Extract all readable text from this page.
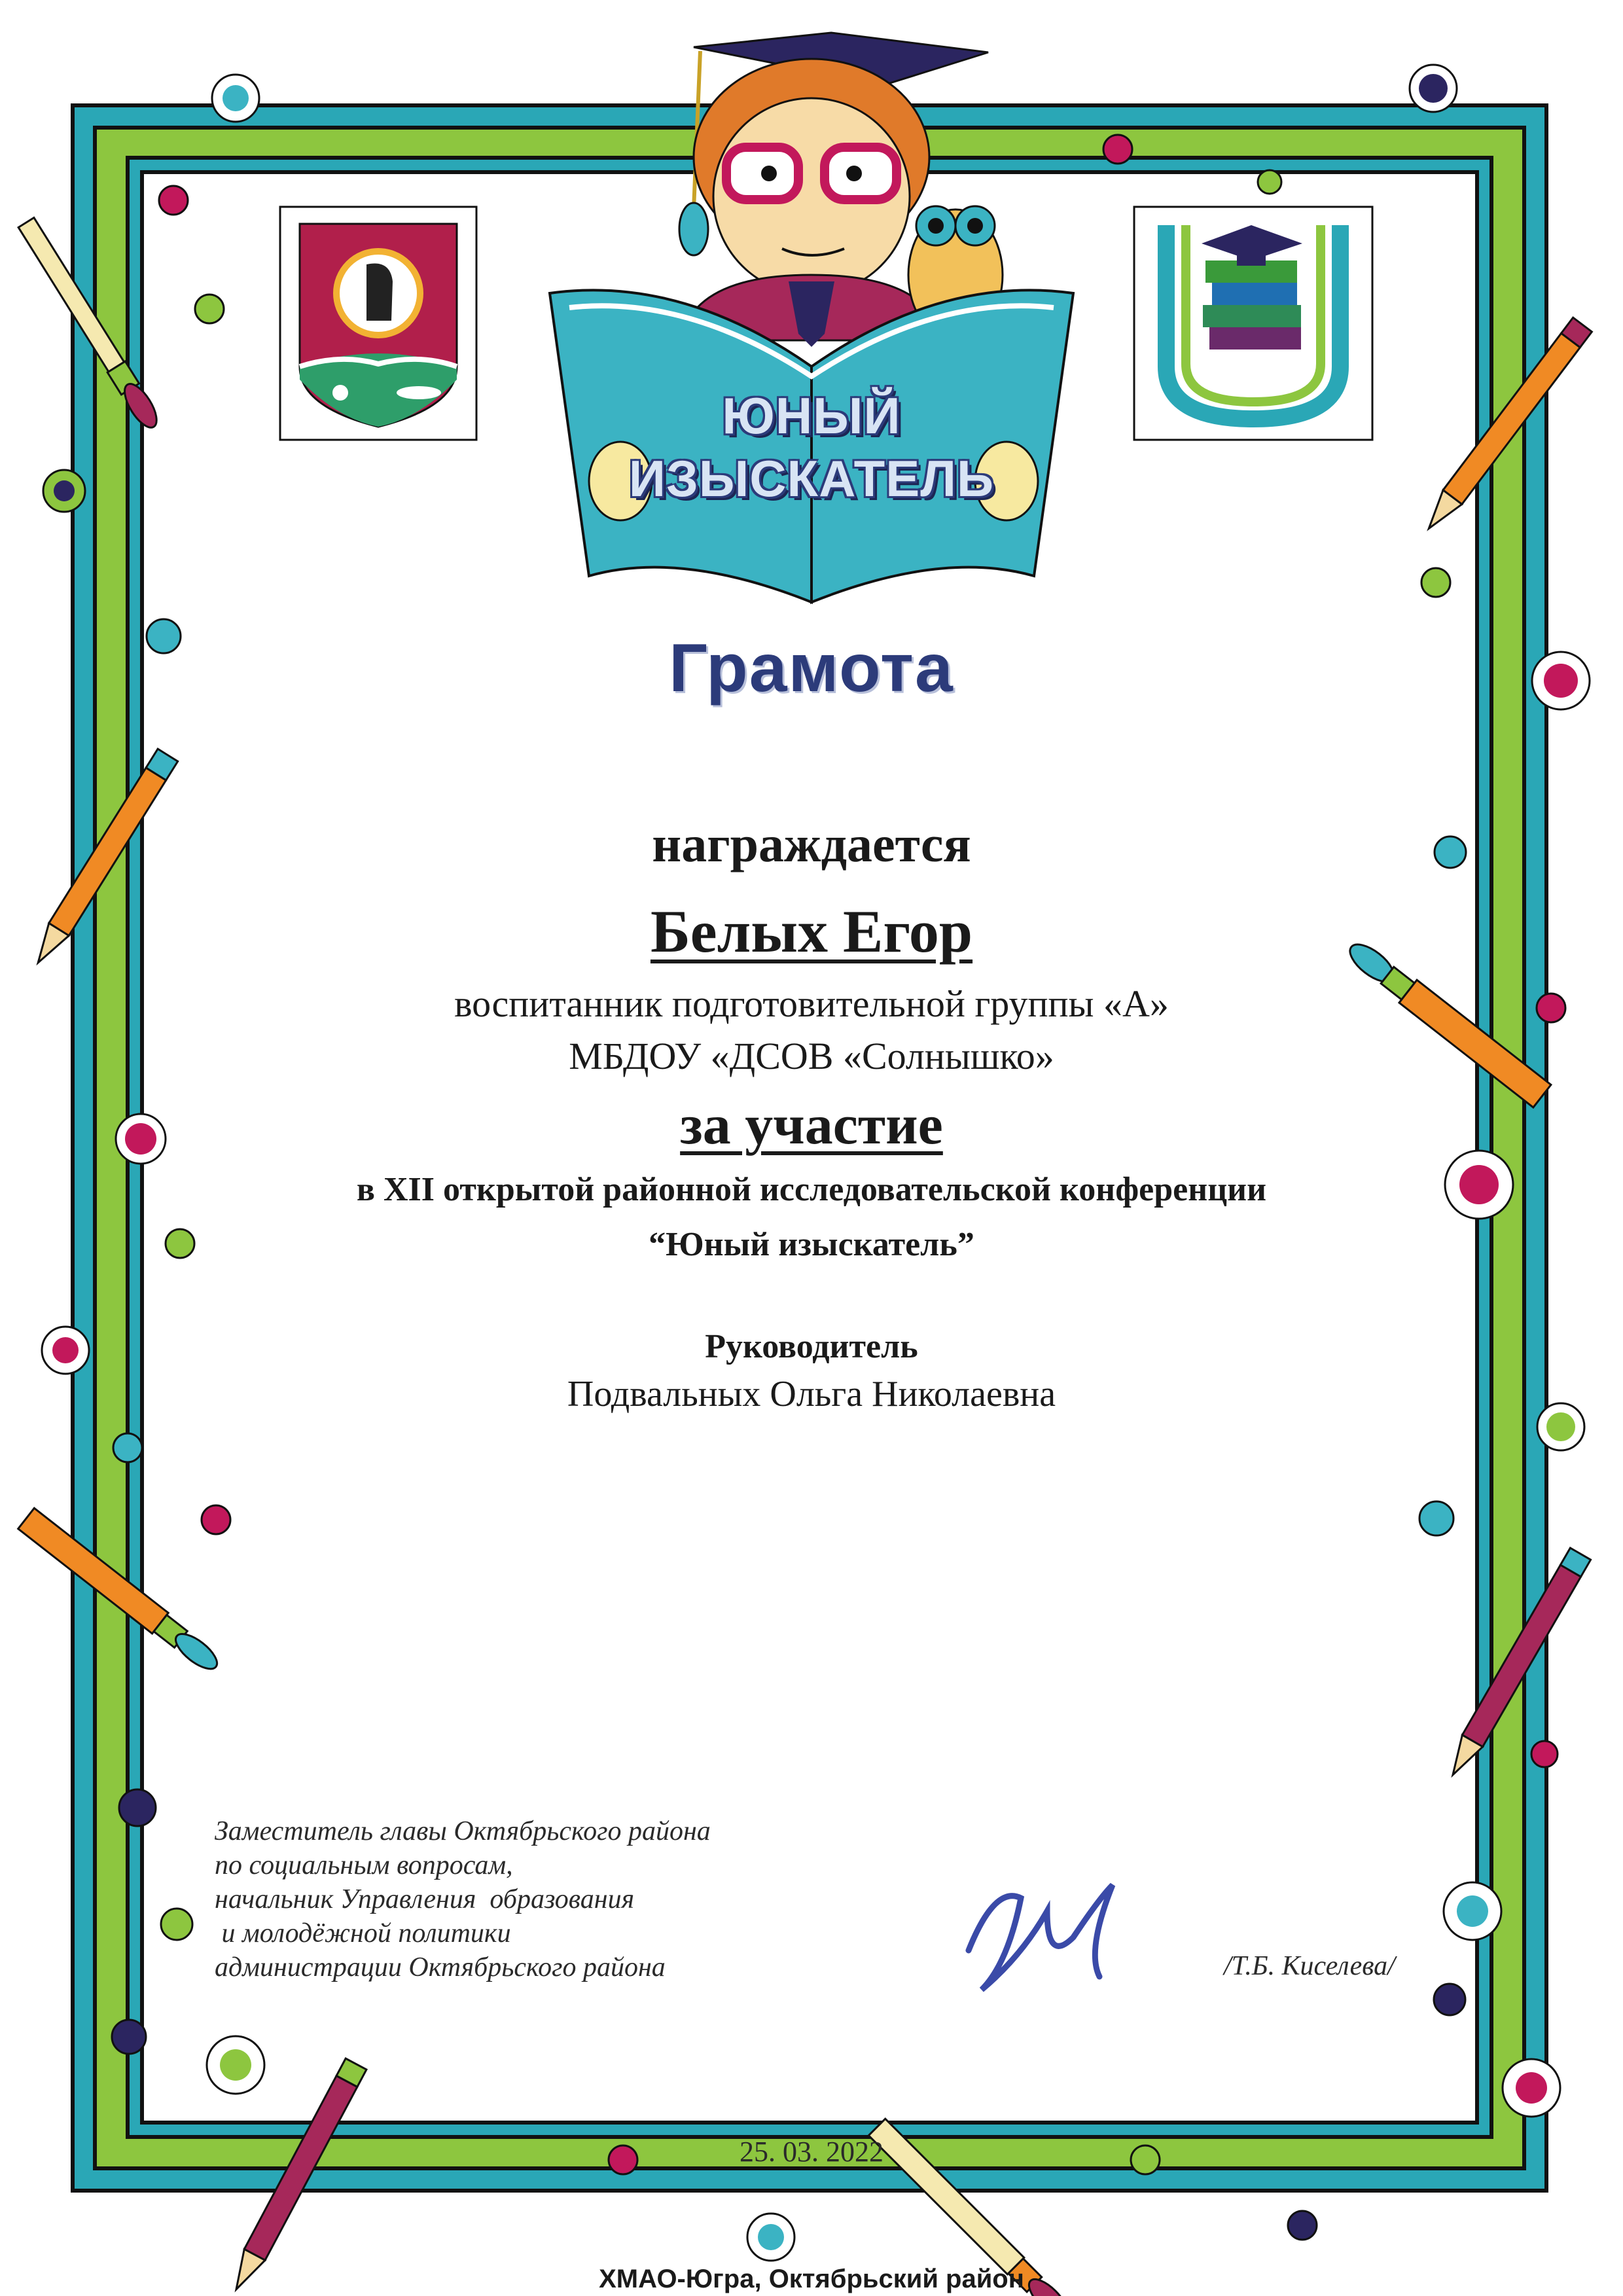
ЮНЫЙ
ИЗЫСКАТЕЛЬ
Грамота

награждается

Белых Егор

воспитанник подготовительной группы «А»

МБДОУ «ДСОВ «Солнышко»

за участие

в XII открытой районной исследовательской конференции

“Юный изыскатель”

Руководитель

Подвальных Ольга Николаевна

Заместитель главы Октябрьского района
по социальным вопросам,
начальник Управления  образования
и молодёжной политики
администрации Октябрьского района	/Т.Б. Киселева/

25. 03. 2022

ХМАО-Югра, Октябрьский район
